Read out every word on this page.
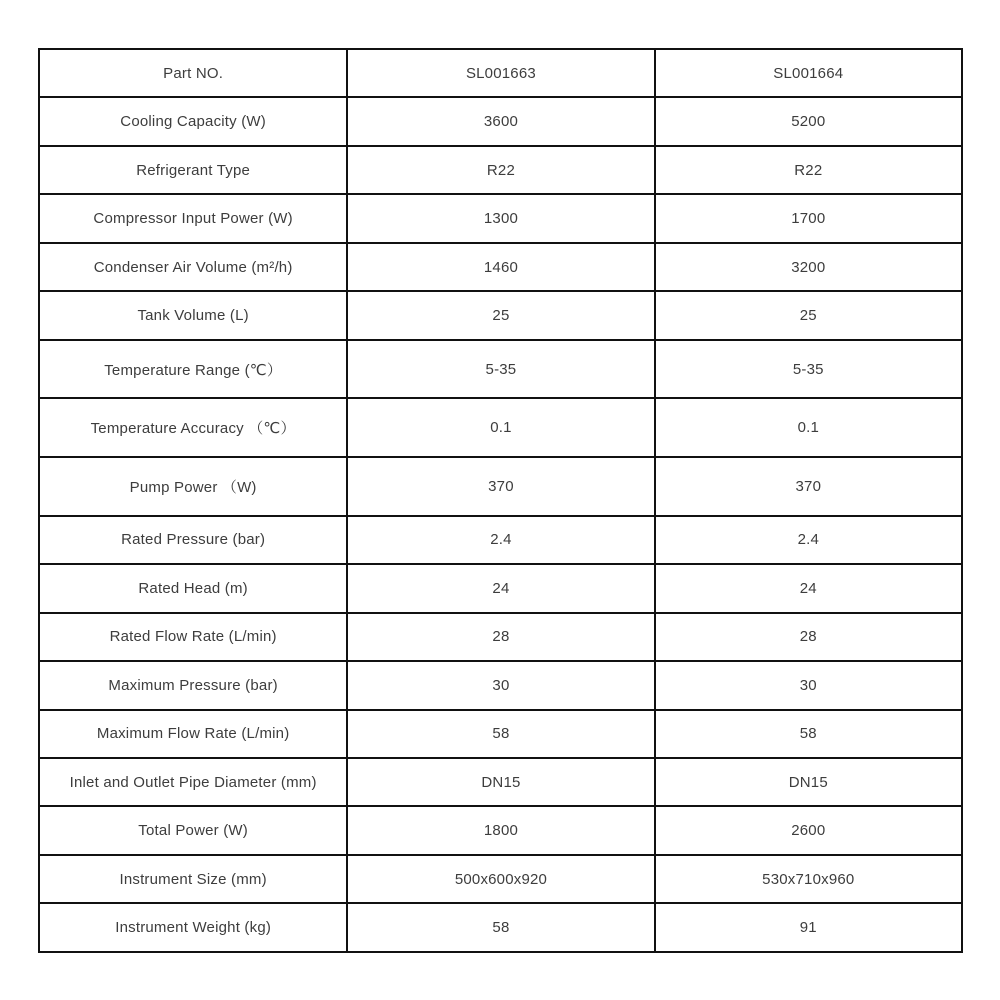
Part NO.	SL001663	SL001664
Cooling Capacity (W)	3600	5200
Refrigerant Type	R22	R22
Compressor Input Power (W)	1300	1700
Condenser Air Volume (m²/h)	1460	3200
Tank Volume (L)	25	25
Temperature Range (℃）	5-35	5-35
Temperature Accuracy （℃）	0.1	0.1
Pump Power （W)	370	370
Rated Pressure (bar)	2.4	2.4
Rated Head (m)	24	24
Rated Flow Rate (L/min)	28	28
Maximum Pressure (bar)	30	30
Maximum Flow Rate (L/min)	58	58
Inlet and Outlet Pipe Diameter (mm)	DN15	DN15
Total Power (W)	1800	2600
Instrument Size (mm)	500x600x920	530x710x960
Instrument Weight (kg)	58	91
